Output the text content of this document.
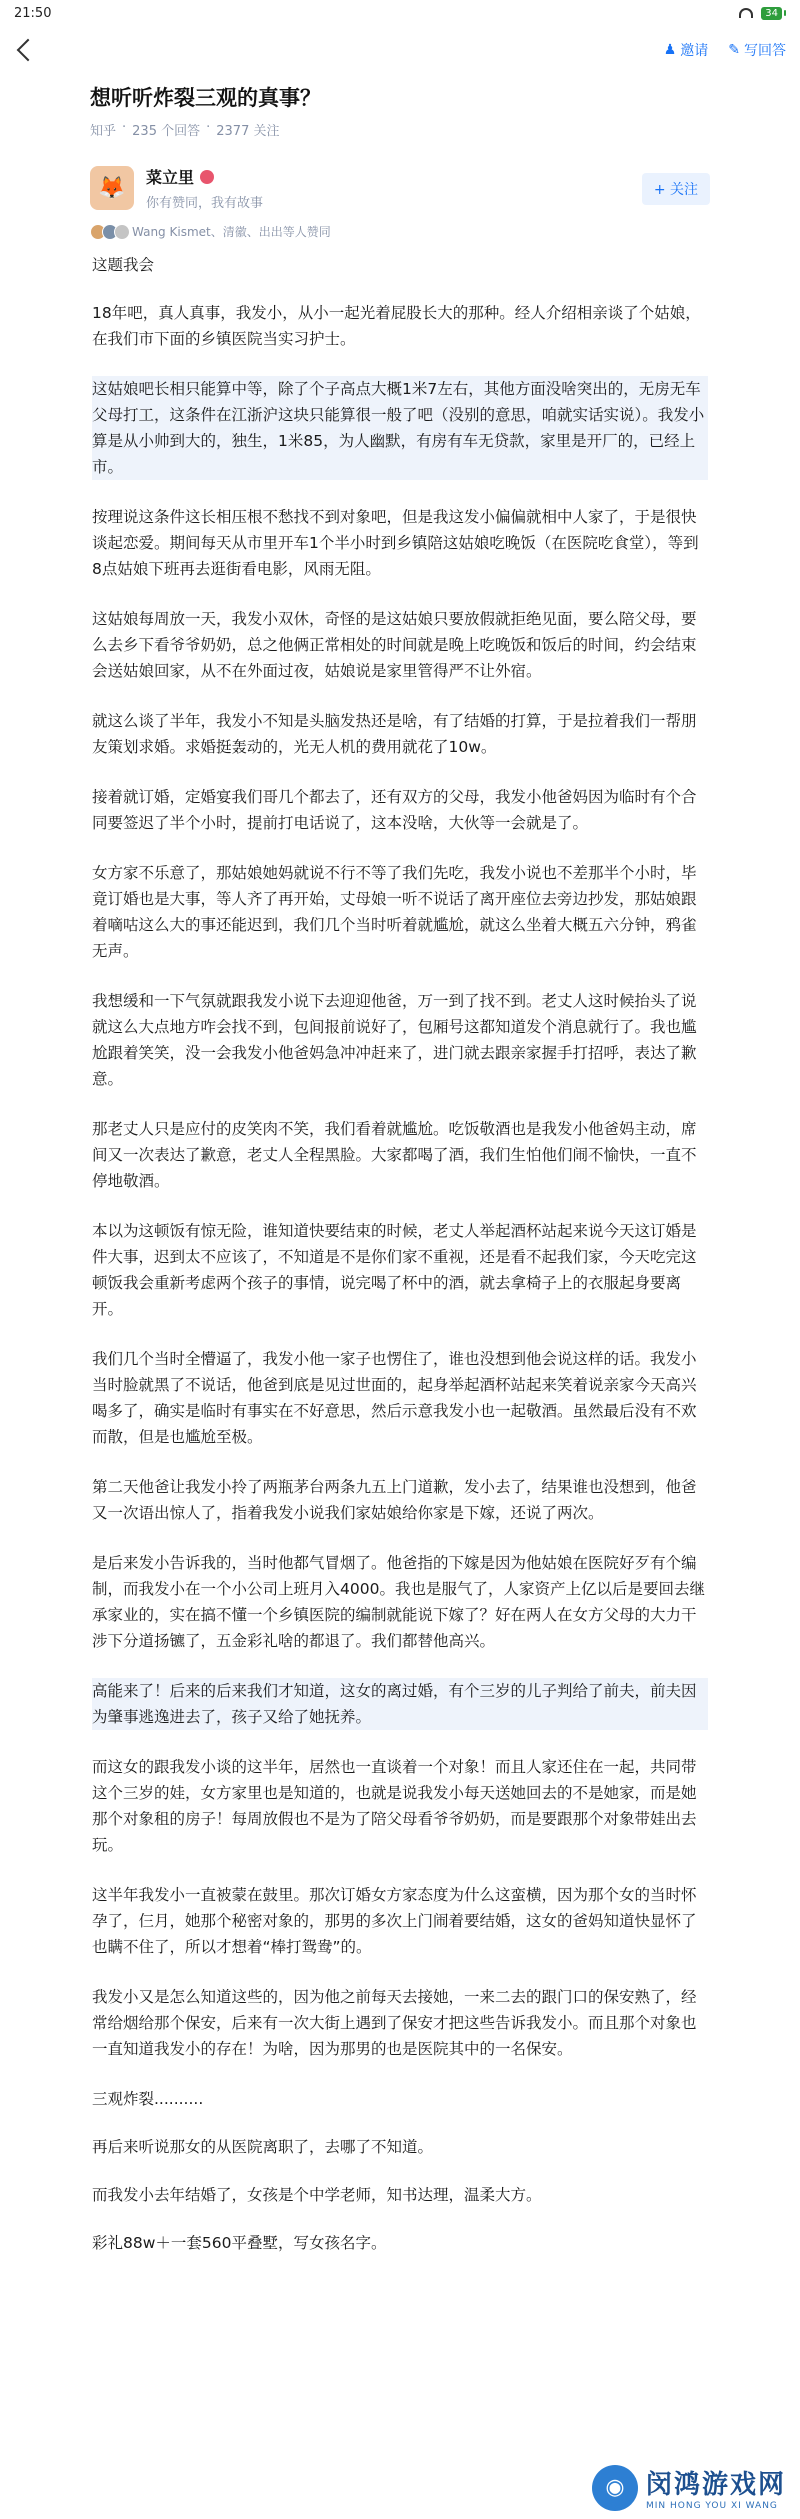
21:50	34
♟ 邀请 ✎ 写回答
想听听炸裂三观的真事？
知乎 · 235 个回答 · 2377 关注
🦊	菜立里
你有赞同，我有故事
+ 关注
Wang Kismet、清徽、出出等人赞同

这题我会

18年吧，真人真事，我发小，从小一起光着屁股长大的那种。经人介绍相亲谈了个姑娘，在我们市下面的乡镇医院当实习护士。

这姑娘吧长相只能算中等，除了个子高点大概1米7左右，其他方面没啥突出的，无房无车父母打工，这条件在江浙沪这块只能算很一般了吧（没别的意思，咱就实话实说）。我发小算是从小帅到大的，独生，1米85，为人幽默，有房有车无贷款，家里是开厂的，已经上市。

按理说这条件这长相压根不愁找不到对象吧，但是我这发小偏偏就相中人家了，于是很快谈起恋爱。期间每天从市里开车1个半小时到乡镇陪这姑娘吃晚饭（在医院吃食堂），等到8点姑娘下班再去逛街看电影，风雨无阻。

这姑娘每周放一天，我发小双休，奇怪的是这姑娘只要放假就拒绝见面，要么陪父母，要么去乡下看爷爷奶奶，总之他俩正常相处的时间就是晚上吃晚饭和饭后的时间，约会结束会送姑娘回家，从不在外面过夜，姑娘说是家里管得严不让外宿。

就这么谈了半年，我发小不知是头脑发热还是啥，有了结婚的打算，于是拉着我们一帮朋友策划求婚。求婚挺轰动的，光无人机的费用就花了10w。

接着就订婚，定婚宴我们哥几个都去了，还有双方的父母，我发小他爸妈因为临时有个合同要签迟了半个小时，提前打电话说了，这本没啥，大伙等一会就是了。

女方家不乐意了，那姑娘她妈就说不行不等了我们先吃，我发小说也不差那半个小时，毕竟订婚也是大事，等人齐了再开始，丈母娘一听不说话了离开座位去旁边抄发，那姑娘跟着嘀咕这么大的事还能迟到，我们几个当时听着就尴尬，就这么坐着大概五六分钟，鸦雀无声。

我想缓和一下气氛就跟我发小说下去迎迎他爸，万一到了找不到。老丈人这时候抬头了说就这么大点地方咋会找不到，包间报前说好了，包厢号这都知道发个消息就行了。我也尴尬跟着笑笑，没一会我发小他爸妈急冲冲赶来了，进门就去跟亲家握手打招呼，表达了歉意。

那老丈人只是应付的皮笑肉不笑，我们看着就尴尬。吃饭敬酒也是我发小他爸妈主动，席间又一次表达了歉意，老丈人全程黑脸。大家都喝了酒，我们生怕他们闹不愉快，一直不停地敬酒。

本以为这顿饭有惊无险，谁知道快要结束的时候，老丈人举起酒杯站起来说今天这订婚是件大事，迟到太不应该了，不知道是不是你们家不重视，还是看不起我们家，今天吃完这顿饭我会重新考虑两个孩子的事情，说完喝了杯中的酒，就去拿椅子上的衣服起身要离开。

我们几个当时全懵逼了，我发小他一家子也愣住了，谁也没想到他会说这样的话。我发小当时脸就黑了不说话，他爸到底是见过世面的，起身举起酒杯站起来笑着说亲家今天高兴喝多了，确实是临时有事实在不好意思，然后示意我发小也一起敬酒。虽然最后没有不欢而散，但是也尴尬至极。

第二天他爸让我发小拎了两瓶茅台两条九五上门道歉，发小去了，结果谁也没想到，他爸又一次语出惊人了，指着我发小说我们家姑娘给你家是下嫁，还说了两次。

是后来发小告诉我的，当时他都气冒烟了。他爸指的下嫁是因为他姑娘在医院好歹有个编制，而我发小在一个小公司上班月入4000。我也是服气了，人家资产上亿以后是要回去继承家业的，实在搞不懂一个乡镇医院的编制就能说下嫁了？好在两人在女方父母的大力干涉下分道扬镳了，五金彩礼啥的都退了。我们都替他高兴。

高能来了！后来的后来我们才知道，这女的离过婚，有个三岁的儿子判给了前夫，前夫因为肇事逃逸进去了，孩子又给了她抚养。

而这女的跟我发小谈的这半年，居然也一直谈着一个对象！而且人家还住在一起，共同带这个三岁的娃，女方家里也是知道的，也就是说我发小每天送她回去的不是她家，而是她那个对象租的房子！每周放假也不是为了陪父母看爷爷奶奶，而是要跟那个对象带娃出去玩。

这半年我发小一直被蒙在鼓里。那次订婚女方家态度为什么这蛮横，因为那个女的当时怀孕了，仨月，她那个秘密对象的，那男的多次上门闹着要结婚，这女的爸妈知道快显怀了也瞒不住了，所以才想着“棒打鸳鸯”的。

我发小又是怎么知道这些的，因为他之前每天去接她，一来二去的跟门口的保安熟了，经常给烟给那个保安，后来有一次大街上遇到了保安才把这些告诉我发小。而且那个对象也一直知道我发小的存在！为啥，因为那男的也是医院其中的一名保安。

三观炸裂..........

再后来听说那女的从医院离职了，去哪了不知道。

而我发小去年结婚了，女孩是个中学老师，知书达理，温柔大方。

彩礼88w＋一套560平叠墅，写女孩名字。

◉ 闵鸿游戏网
MIN HONG YOU XI WANG
